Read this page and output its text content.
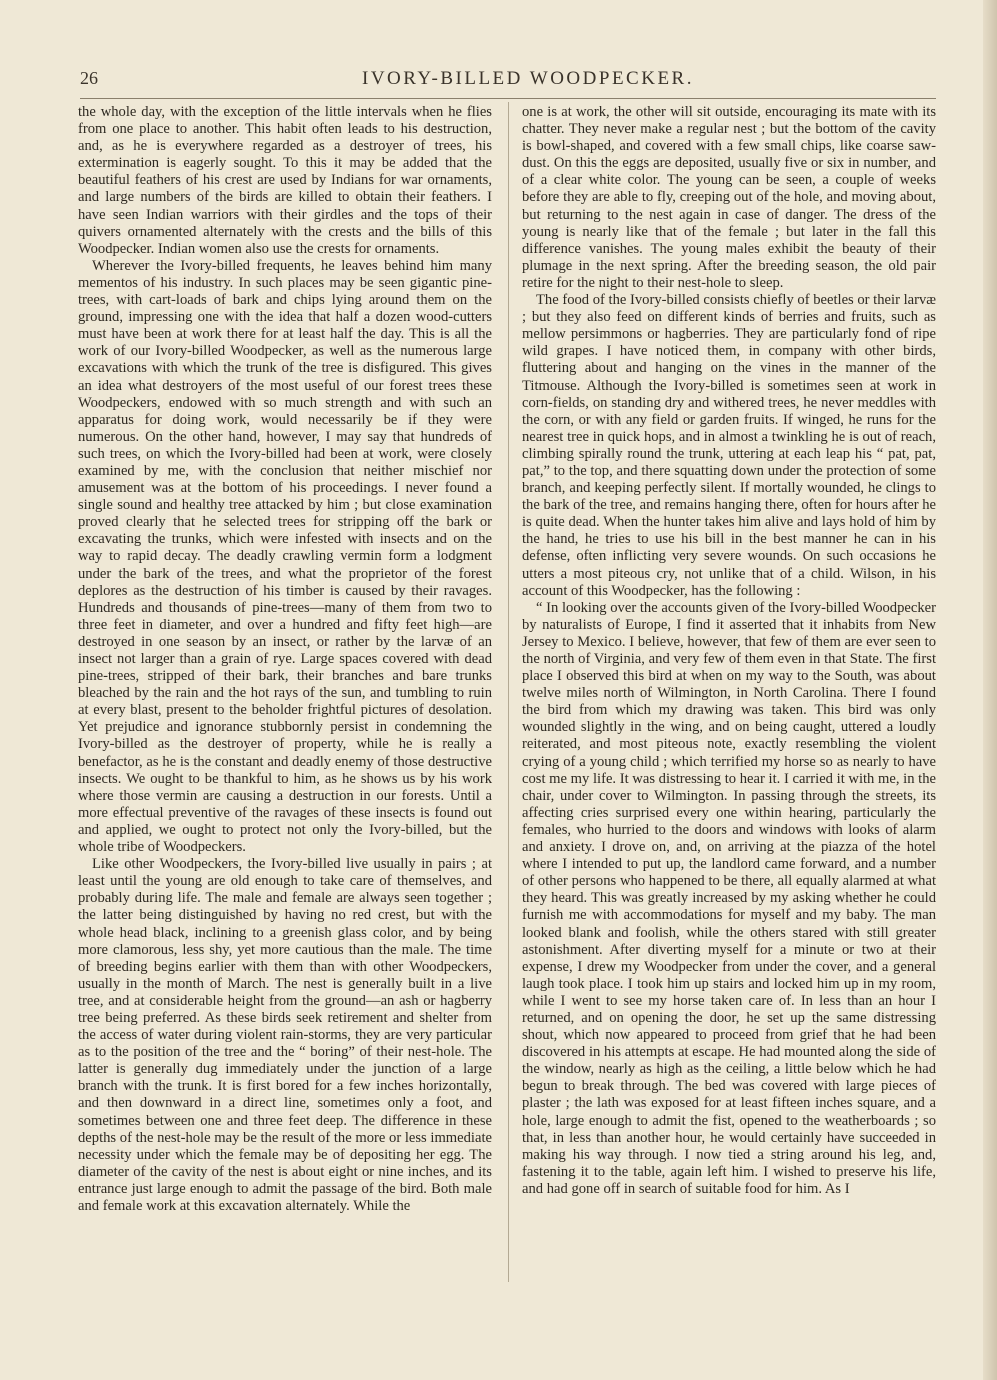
26	IVORY-BILLED WOODPECKER.

the whole day, with the exception of the little intervals when he flies from one place to another. This habit often leads to his destruction, and, as he is everywhere regarded as a destroyer of trees, his extermination is eagerly sought. To this it may be added that the beautiful feathers of his crest are used by Indians for war ornaments, and large numbers of the birds are killed to obtain their feathers. I have seen Indian warriors with their girdles and the tops of their quivers ornamented alternately with the crests and the bills of this Woodpecker. Indian women also use the crests for ornaments.

Wherever the Ivory-billed frequents, he leaves behind him many mementos of his industry. In such places may be seen gigantic pine-trees, with cart-loads of bark and chips lying around them on the ground, impressing one with the idea that half a dozen wood-cutters must have been at work there for at least half the day. This is all the work of our Ivory-billed Woodpecker, as well as the numerous large excavations with which the trunk of the tree is disfigured. This gives an idea what destroyers of the most useful of our forest trees these Woodpeckers, endowed with so much strength and with such an apparatus for doing work, would necessarily be if they were numerous. On the other hand, however, I may say that hundreds of such trees, on which the Ivory-billed had been at work, were closely examined by me, with the conclusion that neither mischief nor amusement was at the bottom of his proceedings. I never found a single sound and healthy tree attacked by him ; but close examination proved clearly that he selected trees for stripping off the bark or excavating the trunks, which were infested with insects and on the way to rapid decay. The deadly crawling vermin form a lodgment under the bark of the trees, and what the proprietor of the forest deplores as the destruction of his timber is caused by their ravages. Hundreds and thousands of pine-trees—many of them from two to three feet in diameter, and over a hundred and fifty feet high—are destroyed in one season by an insect, or rather by the larvæ of an insect not larger than a grain of rye. Large spaces covered with dead pine-trees, stripped of their bark, their branches and bare trunks bleached by the rain and the hot rays of the sun, and tumbling to ruin at every blast, present to the beholder frightful pictures of desolation. Yet prejudice and ignorance stubbornly persist in condemning the Ivory-billed as the destroyer of property, while he is really a benefactor, as he is the constant and deadly enemy of those destructive insects. We ought to be thankful to him, as he shows us by his work where those vermin are causing a destruction in our forests. Until a more effectual preventive of the ravages of these insects is found out and applied, we ought to protect not only the Ivory-billed, but the whole tribe of Woodpeckers.

Like other Woodpeckers, the Ivory-billed live usually in pairs ; at least until the young are old enough to take care of themselves, and probably during life. The male and female are always seen together ; the latter being distinguished by having no red crest, but with the whole head black, inclining to a greenish glass color, and by being more clamorous, less shy, yet more cautious than the male. The time of breeding begins earlier with them than with other Woodpeckers, usually in the month of March. The nest is generally built in a live tree, and at considerable height from the ground—an ash or hagberry tree being preferred. As these birds seek retirement and shelter from the access of water during violent rain-storms, they are very particular as to the position of the tree and the “ boring” of their nest-hole. The latter is generally dug immediately under the junction of a large branch with the trunk. It is first bored for a few inches horizontally, and then downward in a direct line, sometimes only a foot, and sometimes between one and three feet deep. The difference in these depths of the nest-hole may be the result of the more or less immediate necessity under which the female may be of depositing her egg. The diameter of the cavity of the nest is about eight or nine inches, and its entrance just large enough to admit the passage of the bird. Both male and female work at this excavation alternately. While the

one is at work, the other will sit outside, encouraging its mate with its chatter. They never make a regular nest ; but the bottom of the cavity is bowl-shaped, and covered with a few small chips, like coarse saw-dust. On this the eggs are deposited, usually five or six in number, and of a clear white color. The young can be seen, a couple of weeks before they are able to fly, creeping out of the hole, and moving about, but returning to the nest again in case of danger. The dress of the young is nearly like that of the female ; but later in the fall this difference vanishes. The young males exhibit the beauty of their plumage in the next spring. After the breeding season, the old pair retire for the night to their nest-hole to sleep.

The food of the Ivory-billed consists chiefly of beetles or their larvæ ; but they also feed on different kinds of berries and fruits, such as mellow persimmons or hagberries. They are particularly fond of ripe wild grapes. I have noticed them, in company with other birds, fluttering about and hanging on the vines in the manner of the Titmouse. Although the Ivory-billed is sometimes seen at work in corn-fields, on standing dry and withered trees, he never meddles with the corn, or with any field or garden fruits. If winged, he runs for the nearest tree in quick hops, and in almost a twinkling he is out of reach, climbing spirally round the trunk, uttering at each leap his “ pat, pat, pat,” to the top, and there squatting down under the protection of some branch, and keeping perfectly silent. If mortally wounded, he clings to the bark of the tree, and remains hanging there, often for hours after he is quite dead. When the hunter takes him alive and lays hold of him by the hand, he tries to use his bill in the best manner he can in his defense, often inflicting very severe wounds. On such occasions he utters a most piteous cry, not unlike that of a child. Wilson, in his account of this Woodpecker, has the following :

“ In looking over the accounts given of the Ivory-billed Woodpecker by naturalists of Europe, I find it asserted that it inhabits from New Jersey to Mexico. I believe, however, that few of them are ever seen to the north of Virginia, and very few of them even in that State. The first place I observed this bird at when on my way to the South, was about twelve miles north of Wilmington, in North Carolina. There I found the bird from which my drawing was taken. This bird was only wounded slightly in the wing, and on being caught, uttered a loudly reiterated, and most piteous note, exactly resembling the violent crying of a young child ; which terrified my horse so as nearly to have cost me my life. It was distressing to hear it. I carried it with me, in the chair, under cover to Wilmington. In passing through the streets, its affecting cries surprised every one within hearing, particularly the females, who hurried to the doors and windows with looks of alarm and anxiety. I drove on, and, on arriving at the piazza of the hotel where I intended to put up, the landlord came forward, and a number of other persons who happened to be there, all equally alarmed at what they heard. This was greatly increased by my asking whether he could furnish me with accommodations for myself and my baby. The man looked blank and foolish, while the others stared with still greater astonishment. After diverting myself for a minute or two at their expense, I drew my Woodpecker from under the cover, and a general laugh took place. I took him up stairs and locked him up in my room, while I went to see my horse taken care of. In less than an hour I returned, and on opening the door, he set up the same distressing shout, which now appeared to proceed from grief that he had been discovered in his attempts at escape. He had mounted along the side of the window, nearly as high as the ceiling, a little below which he had begun to break through. The bed was covered with large pieces of plaster ; the lath was exposed for at least fifteen inches square, and a hole, large enough to admit the fist, opened to the weatherboards ; so that, in less than another hour, he would certainly have succeeded in making his way through. I now tied a string around his leg, and, fastening it to the table, again left him. I wished to preserve his life, and had gone off in search of suitable food for him. As I
